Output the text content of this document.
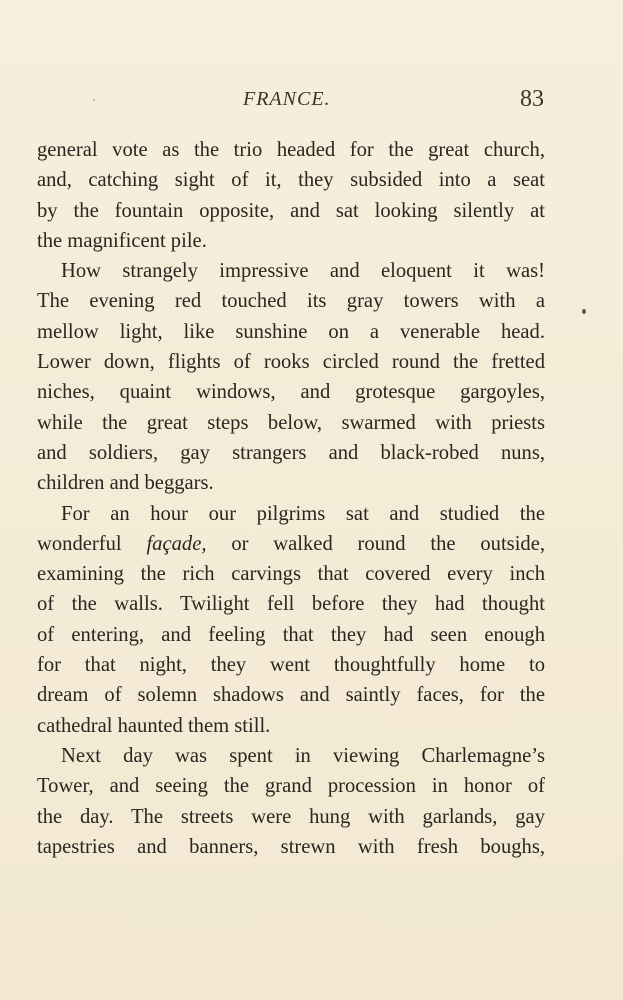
FRANCE.	83
general vote as the trio headed for the great church,
and, catching sight of it, they subsided into a seat
by the fountain opposite, and sat looking silently at
the magnificent pile.
How strangely impressive and eloquent it was!
The evening red touched its gray towers with a
mellow light, like sunshine on a venerable head.
Lower down, flights of rooks circled round the fretted
niches, quaint windows, and grotesque gargoyles,
while the great steps below, swarmed with priests
and soldiers, gay strangers and black-robed nuns,
children and beggars.
For an hour our pilgrims sat and studied the
wonderful façade, or walked round the outside,
examining the rich carvings that covered every inch
of the walls. Twilight fell before they had thought
of entering, and feeling that they had seen enough
for that night, they went thoughtfully home to
dream of solemn shadows and saintly faces, for the
cathedral haunted them still.
Next day was spent in viewing Charlemagne’s
Tower, and seeing the grand procession in honor of
the day. The streets were hung with garlands, gay
tapestries and banners, strewn with fresh boughs,
